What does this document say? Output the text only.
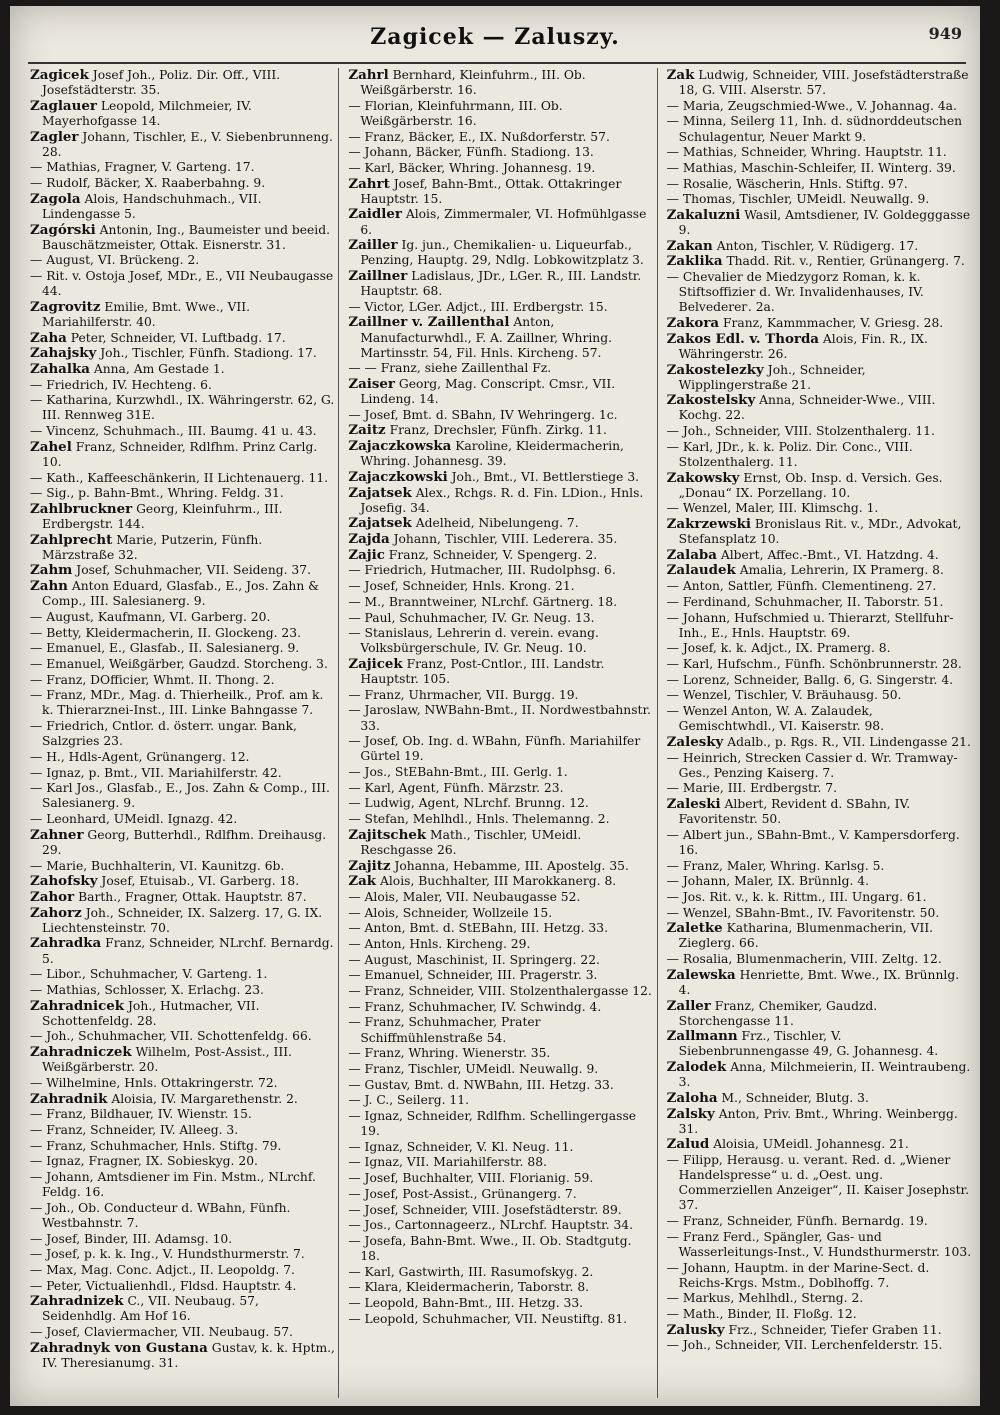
Zagicek — Zaluszy.	949
Zagicek Josef Joh., Poliz. Dir. Off., VIII. Josefstädterstr. 35.
Zaglauer Leopold, Milchmeier, IV. Mayerhofgasse 14.
Zagler Johann, Tischler, E., V. Siebenbrunneng. 28.
— Mathias, Fragner, V. Garteng. 17.
— Rudolf, Bäcker, X. Raaberbahng. 9.
Zagola Alois, Handschuhmach., VII. Lindengasse 5.
Zagórski Antonin, Ing., Baumeister und beeid. Bauschätzmeister, Ottak. Eisnerstr. 31.
— August, VI. Brückeng. 2.
— Rit. v. Ostoja Josef, MDr., E., VII Neubaugasse 44.
Zagrovitz Emilie, Bmt. Wwe., VII. Mariahilferstr. 40.
Zaha Peter, Schneider, VI. Luftbadg. 17.
Zahajsky Joh., Tischler, Fünfh. Stadiong. 17.
Zahalka Anna, Am Gestade 1.
— Friedrich, IV. Hechteng. 6.
— Katharina, Kurzwhdl., IX. Währingerstr. 62, G. III. Rennweg 31E.
— Vincenz, Schuhmach., III. Baumg. 41 u. 43.
Zahel Franz, Schneider, Rdlfhm. Prinz Carlg. 10.
— Kath., Kaffeeschänkerin, II Lichtenauerg. 11.
— Sig., p. Bahn-Bmt., Whring. Feldg. 31.
Zahlbruckner Georg, Kleinfuhrm., III. Erdbergstr. 144.
Zahlprecht Marie, Putzerin, Fünfh. Märzstraße 32.
Zahm Josef, Schuhmacher, VII. Seideng. 37.
Zahn Anton Eduard, Glasfab., E., Jos. Zahn & Comp., III. Salesianerg. 9.
— August, Kaufmann, VI. Garberg. 20.
— Betty, Kleidermacherin, II. Glockeng. 23.
— Emanuel, E., Glasfab., II. Salesianerg. 9.
— Emanuel, Weißgärber, Gaudzd. Storcheng. 3.
— Franz, DOfficier, Whmt. II. Thong. 2.
— Franz, MDr., Mag. d. Thierheilk., Prof. am k. k. Thierarznei-Inst., III. Linke Bahngasse 7.
— Friedrich, Cntlor. d. österr. ungar. Bank, Salzgries 23.
— H., Hdls-Agent, Grünangerg. 12.
— Ignaz, p. Bmt., VII. Mariahilferstr. 42.
— Karl Jos., Glasfab., E., Jos. Zahn & Comp., III. Salesianerg. 9.
— Leonhard, UMeidl. Ignazg. 42.
Zahner Georg, Butterhdl., Rdlfhm. Dreihausg. 29.
— Marie, Buchhalterin, VI. Kaunitzg. 6b.
Zahofsky Josef, Etuisab., VI. Garberg. 18.
Zahor Barth., Fragner, Ottak. Hauptstr. 87.
Zahorz Joh., Schneider, IX. Salzerg. 17, G. IX. Liechtensteinstr. 70.
Zahradka Franz, Schneider, NLrchf. Bernardg. 5.
— Libor., Schuhmacher, V. Garteng. 1.
— Mathias, Schlosser, X. Erlachg. 23.
Zahradnicek Joh., Hutmacher, VII. Schottenfeldg. 28.
— Joh., Schuhmacher, VII. Schottenfeldg. 66.
Zahradniczek Wilhelm, Post-Assist., III. Weißgärberstr. 20.
— Wilhelmine, Hnls. Ottakringerstr. 72.
Zahradnik Aloisia, IV. Margarethenstr. 2.
— Franz, Bildhauer, IV. Wienstr. 15.
— Franz, Schneider, IV. Alleeg. 3.
— Franz, Schuhmacher, Hnls. Stiftg. 79.
— Ignaz, Fragner, IX. Sobieskyg. 20.
— Johann, Amtsdiener im Fin. Mstm., NLrchf. Feldg. 16.
— Joh., Ob. Conducteur d. WBahn, Fünfh. Westbahnstr. 7.
— Josef, Binder, III. Adamsg. 10.
— Josef, p. k. k. Ing., V. Hundsthurmerstr. 7.
— Max, Mag. Conc. Adjct., II. Leopoldg. 7.
— Peter, Victualienhdl., Fldsd. Hauptstr. 4.
Zahradnizek C., VII. Neubaug. 57, Seidenhdlg. Am Hof 16.
— Josef, Claviermacher, VII. Neubaug. 57.
Zahradnyk von Gustana Gustav, k. k. Hptm., IV. Theresianumg. 31.
Zahrl Bernhard, Kleinfuhrm., III. Ob. Weißgärberstr. 16.
— Florian, Kleinfuhrmann, III. Ob. Weißgärberstr. 16.
— Franz, Bäcker, E., IX. Nußdorferstr. 57.
— Johann, Bäcker, Fünfh. Stadiong. 13.
— Karl, Bäcker, Whring. Johannesg. 19.
Zahrt Josef, Bahn-Bmt., Ottak. Ottakringer Hauptstr. 15.
Zaidler Alois, Zimmermaler, VI. Hofmühlgasse 6.
Zailler Ig. jun., Chemikalien- u. Liqueurfab., Penzing, Hauptg. 29, Ndlg. Lobkowitzplatz 3.
Zaillner Ladislaus, JDr., LGer. R., III. Landstr. Hauptstr. 68.
— Victor, LGer. Adjct., III. Erdbergstr. 15.
Zaillner v. Zaillenthal Anton, Manufacturwhdl., F. A. Zaillner, Whring. Martinsstr. 54, Fil. Hnls. Kircheng. 57.
— — Franz, siehe Zaillenthal Fz.
Zaiser Georg, Mag. Conscript. Cmsr., VII. Lindeng. 14.
— Josef, Bmt. d. SBahn, IV Wehringerg. 1c.
Zaitz Franz, Drechsler, Fünfh. Zirkg. 11.
Zajaczkowska Karoline, Kleidermacherin, Whring. Johannesg. 39.
Zajaczkowski Joh., Bmt., VI. Bettlerstiege 3.
Zajatsek Alex., Rchgs. R. d. Fin. LDion., Hnls. Josefig. 34.
Zajatsek Adelheid, Nibelungeng. 7.
Zajda Johann, Tischler, VIII. Lederera. 35.
Zajic Franz, Schneider, V. Spengerg. 2.
— Friedrich, Hutmacher, III. Rudolphsg. 6.
— Josef, Schneider, Hnls. Krong. 21.
— M., Branntweiner, NLrchf. Gärtnerg. 18.
— Paul, Schuhmacher, IV. Gr. Neug. 13.
— Stanislaus, Lehrerin d. verein. evang. Volksbürgerschule, IV. Gr. Neug. 10.
Zajicek Franz, Post-Cntlor., III. Landstr. Hauptstr. 105.
— Franz, Uhrmacher, VII. Burgg. 19.
— Jaroslaw, NWBahn-Bmt., II. Nordwestbahnstr. 33.
— Josef, Ob. Ing. d. WBahn, Fünfh. Mariahilfer Gürtel 19.
— Jos., StEBahn-Bmt., III. Gerlg. 1.
— Karl, Agent, Fünfh. Märzstr. 23.
— Ludwig, Agent, NLrchf. Brunng. 12.
— Stefan, Mehlhdl., Hnls. Thelemanng. 2.
Zajitschek Math., Tischler, UMeidl. Reschgasse 26.
Zajitz Johanna, Hebamme, III. Apostelg. 35.
Zak Alois, Buchhalter, III Marokkanerg. 8.
— Alois, Maler, VII. Neubaugasse 52.
— Alois, Schneider, Wollzeile 15.
— Anton, Bmt. d. StEBahn, III. Hetzg. 33.
— Anton, Hnls. Kircheng. 29.
— August, Maschinist, II. Springerg. 22.
— Emanuel, Schneider, III. Pragerstr. 3.
— Franz, Schneider, VIII. Stolzenthalergasse 12.
— Franz, Schuhmacher, IV. Schwindg. 4.
— Franz, Schuhmacher, Prater Schiffmühlenstraße 54.
— Franz, Whring. Wienerstr. 35.
— Franz, Tischler, UMeidl. Neuwallg. 9.
— Gustav, Bmt. d. NWBahn, III. Hetzg. 33.
— J. C., Seilerg. 11.
— Ignaz, Schneider, Rdlfhm. Schellingergasse 19.
— Ignaz, Schneider, V. Kl. Neug. 11.
— Ignaz, VII. Mariahilferstr. 88.
— Josef, Buchhalter, VIII. Florianig. 59.
— Josef, Post-Assist., Grünangerg. 7.
— Josef, Schneider, VIII. Josefstädterstr. 89.
— Jos., Cartonnageerz., NLrchf. Hauptstr. 34.
— Josefa, Bahn-Bmt. Wwe., II. Ob. Stadtgutg. 18.
— Karl, Gastwirth, III. Rasumofskyg. 2.
— Klara, Kleidermacherin, Taborstr. 8.
— Leopold, Bahn-Bmt., III. Hetzg. 33.
— Leopold, Schuhmacher, VII. Neustiftg. 81.
Zak Ludwig, Schneider, VIII. Josefstädterstraße 18, G. VIII. Alserstr. 57.
— Maria, Zeugschmied-Wwe., V. Johannag. 4a.
— Minna, Seilerg 11, Inh. d. südnorddeutschen Schulagentur, Neuer Markt 9.
— Mathias, Schneider, Whring. Hauptstr. 11.
— Mathias, Maschin-Schleifer, II. Winterg. 39.
— Rosalie, Wäscherin, Hnls. Stiftg. 97.
— Thomas, Tischler, UMeidl. Neuwallg. 9.
Zakaluzni Wasil, Amtsdiener, IV. Goldegggasse 9.
Zakan Anton, Tischler, V. Rüdigerg. 17.
Zaklika Thadd. Rit. v., Rentier, Grünangerg. 7.
— Chevalier de Miedzygorz Roman, k. k. Stiftsoffizier d. Wr. Invalidenhauses, IV. Belvederег. 2a.
Zakora Franz, Kammmacher, V. Griesg. 28.
Zakos Edl. v. Thorda Alois, Fin. R., IX. Währingerstr. 26.
Zakostelezky Joh., Schneider, Wipplingerstraße 21.
Zakostelsky Anna, Schneider-Wwe., VIII. Kochg. 22.
— Joh., Schneider, VIII. Stolzenthalerg. 11.
— Karl, JDr., k. k. Poliz. Dir. Conc., VIII. Stolzenthalerg. 11.
Zakowsky Ernst, Ob. Insp. d. Versich. Ges. „Donau“ IX. Porzellang. 10.
— Wenzel, Maler, III. Klimschg. 1.
Zakrzewski Bronislaus Rit. v., MDr., Advokat, Stefansplatz 10.
Zalaba Albert, Affec.-Bmt., VI. Hatzdng. 4.
Zalaudek Amalia, Lehrerin, IX Pramerg. 8.
— Anton, Sattler, Fünfh. Clementineng. 27.
— Ferdinand, Schuhmacher, II. Taborstr. 51.
— Johann, Hufschmied u. Thierarzt, Stellfuhr-Inh., E., Hnls. Hauptstr. 69.
— Josef, k. k. Adjct., IX. Pramerg. 8.
— Karl, Hufschm., Fünfh. Schönbrunnerstr. 28.
— Lorenz, Schneider, Ballg. 6, G. Singerstr. 4.
— Wenzel, Tischler, V. Bräuhausg. 50.
— Wenzel Anton, W. A. Zalaudek, Gemischtwhdl., VI. Kaiserstr. 98.
Zalesky Adalb., p. Rgs. R., VII. Lindengasse 21.
— Heinrich, Strecken Cassier d. Wr. Tramway-Ges., Penzing Kaiserg. 7.
— Marie, III. Erdbergstr. 7.
Zaleski Albert, Revident d. SBahn, IV. Favoritenstr. 50.
— Albert jun., SBahn-Bmt., V. Kampersdorferg. 16.
— Franz, Maler, Whring. Karlsg. 5.
— Johann, Maler, IX. Brünnlg. 4.
— Jos. Rit. v., k. k. Rittm., III. Ungarg. 61.
— Wenzel, SBahn-Bmt., IV. Favoritenstr. 50.
Zaletke Katharina, Blumenmacherin, VII. Zieglerg. 66.
— Rosalia, Blumenmacherin, VIII. Zeltg. 12.
Zalewska Henriette, Bmt. Wwe., IX. Brünnlg. 4.
Zaller Franz, Chemiker, Gaudzd. Storchengasse 11.
Zallmann Frz., Tischler, V. Siebenbrunnengasse 49, G. Johannesg. 4.
Zalodek Anna, Milchmeierin, II. Weintraubeng. 3.
Zaloha M., Schneider, Blutg. 3.
Zalsky Anton, Priv. Bmt., Whring. Weinbergg. 31.
Zalud Aloisia, UMeidl. Johannesg. 21.
— Filipp, Herausg. u. verant. Red. d. „Wiener Handelspresse“ u. d. „Oest. ung. Commerziellen Anzeiger“, II. Kaiser Josephstr. 37.
— Franz, Schneider, Fünfh. Bernardg. 19.
— Franz Ferd., Spängler, Gas- und Wasserleitungs-Inst., V. Hundsthurmerstr. 103.
— Johann, Hauptm. in der Marine-Sect. d. Reichs-Krgs. Mstm., Doblhoffg. 7.
— Markus, Mehlhdl., Sterng. 2.
— Math., Binder, II. Floßg. 12.
Zalusky Frz., Schneider, Tiefer Graben 11.
— Joh., Schneider, VII. Lerchenfelderstr. 15.
